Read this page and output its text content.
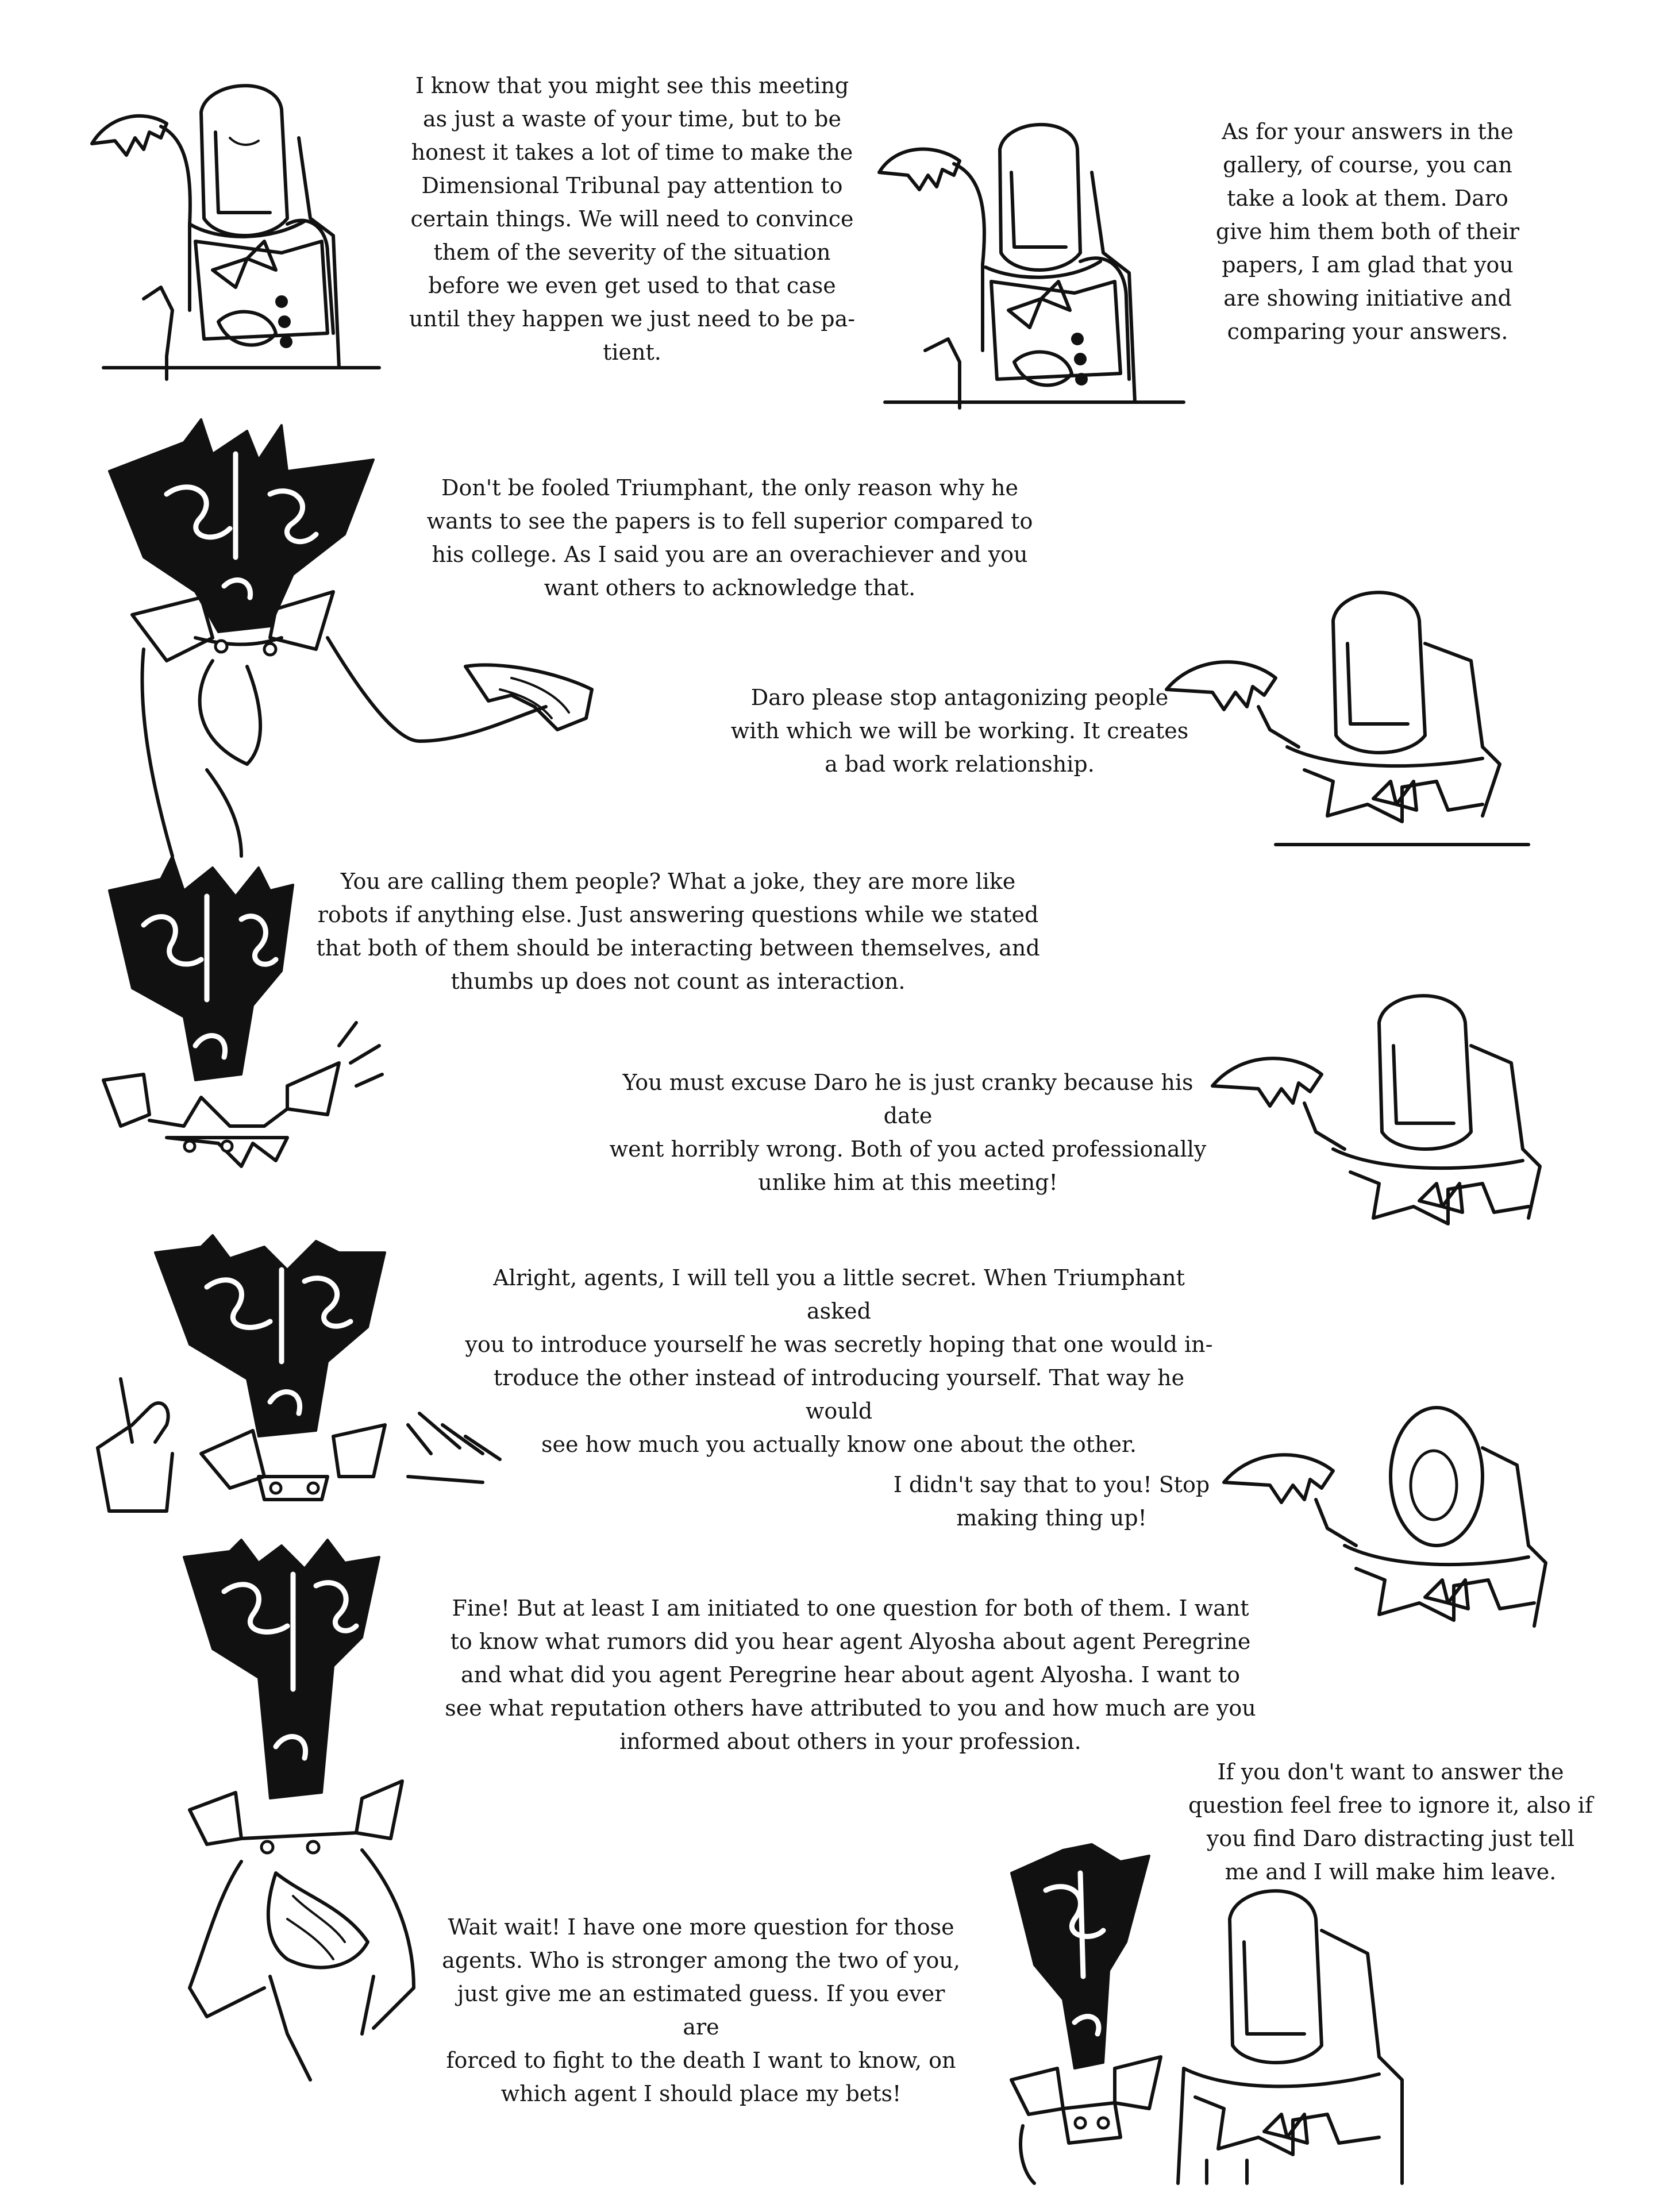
I know that you might see this meeting
as just a waste of your time, but to be
honest it takes a lot of time to make the
Dimensional Tribunal pay attention to
certain things. We will need to convince
them of the severity of the situation
before we even get used to that case
until they happen we just need to be pa-
tient.

As for your answers in the
gallery, of course, you can
take a look at them. Daro
give him them both of their
papers, I am glad that you
are showing initiative and
comparing your answers.

Don't be fooled Triumphant, the only reason why he
wants to see the papers is to fell superior compared to
his college. As I said you are an overachiever and you
want others to acknowledge that.

Daro please stop antagonizing people
with which we will be working. It creates
a bad work relationship.

You are calling them people? What a joke, they are more like
robots if anything else. Just answering questions while we stated
that both of them should be interacting between themselves, and
thumbs up does not count as interaction.

You must excuse Daro he is just cranky because his date
went horribly wrong. Both of you acted professionally
unlike him at this meeting!

Alright, agents, I will tell you a little secret. When Triumphant asked
you to introduce yourself he was secretly hoping that one would in-
troduce the other instead of introducing yourself. That way he would
see how much you actually know one about the other.

I didn't say that to you! Stop
making thing up!

Fine! But at least I am initiated to one question for both of them. I want
to know what rumors did you hear agent Alyosha about agent Peregrine
and what did you agent Peregrine hear about agent Alyosha. I want to
see what reputation others have attributed to you and how much are you
informed about others in your profession.

If you don't want to answer the
question feel free to ignore it, also if
you find Daro distracting just tell
me and I will make him leave.

Wait wait! I have one more question for those
agents. Who is stronger among the two of you,
just give me an estimated guess. If you ever are
forced to fight to the death I want to know, on
which agent I should place my bets!
